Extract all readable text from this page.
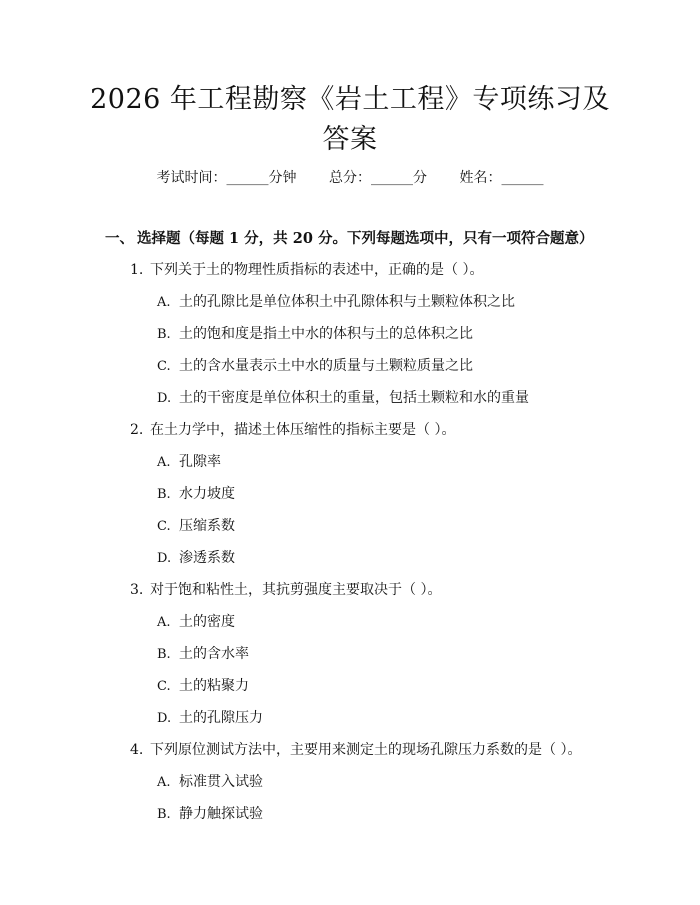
2026 年工程勘察《岩土工程》专项练习及答案
考试时间：______分钟 总分：______分 姓名：______
一、 选择题（每题 1 分，共 20 分。下列每题选项中，只有一项符合题意）
1. 下列关于土的物理性质指标的表述中，正确的是（ ）。
A. 土的孔隙比是单位体积土中孔隙体积与土颗粒体积之比
B. 土的饱和度是指土中水的体积与土的总体积之比
C. 土的含水量表示土中水的质量与土颗粒质量之比
D. 土的干密度是单位体积土的重量，包括土颗粒和水的重量
2. 在土力学中，描述土体压缩性的指标主要是（ ）。
A. 孔隙率
B. 水力坡度
C. 压缩系数
D. 渗透系数
3. 对于饱和粘性土，其抗剪强度主要取决于（ ）。
A. 土的密度
B. 土的含水率
C. 土的粘聚力
D. 土的孔隙压力
4. 下列原位测试方法中，主要用来测定土的现场孔隙压力系数的是（ ）。
A. 标准贯入试验
B. 静力触探试验
